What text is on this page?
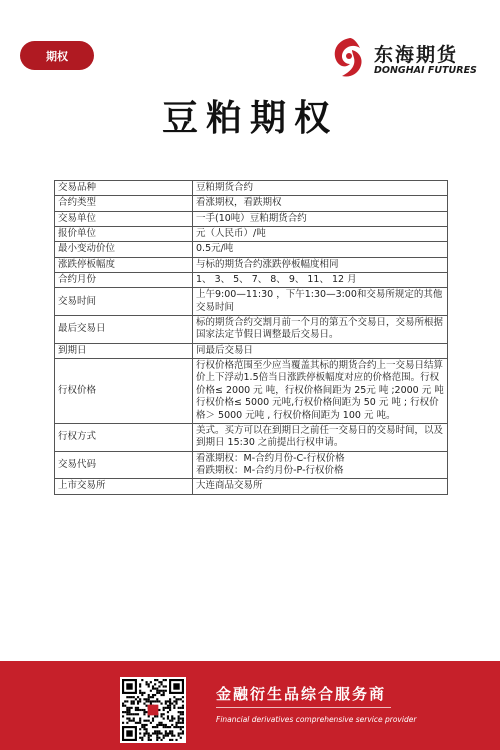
期权	东海期货
DONGHAI FUTURES
豆粕期权
交易品种	豆粕期货合约
合约类型	看涨期权，看跌期权
交易单位	一手(10吨）豆粕期货合约
报价单位	元（人民币）/吨
最小变动价位	0.5元/吨
涨跌停板幅度	与标的期货合约涨跌停板幅度相同
合约月份	1、 3、 5、 7、 8、 9、 11、 12 月
交易时间	上午9:00—11:30 ，下午1:30—3:00和交易所规定的其他交易时间
最后交易日	标的期货合约交割月前一个月的第五个交易日，交易所根据国家法定节假日调整最后交易日。
到期日	同最后交易日
行权价格	行权价格范围至少应当覆盖其标的期货合约上一交易日结算价上下浮动1.5倍当日涨跌停板幅度对应的价格范围。行权价格≤ 2000 元 吨，行权价格间距为 25元 吨 ;2000 元 吨 行权价格≤ 5000 元吨,行权价格间距为 50 元 吨 ; 行权价格＞ 5000 元吨 , 行权价格间距为 100 元 吨。
行权方式	美式。买方可以在到期日之前任一交易日的交易时间，以及到期日 15:30 之前提出行权申请。
交易代码	看涨期权：M-合约月份-C-行权价格
看跌期权：M-合约月份-P-行权价格
上市交易所	大连商品交易所
金融衍生品综合服务商
Financial derivatives comprehensive service provider
